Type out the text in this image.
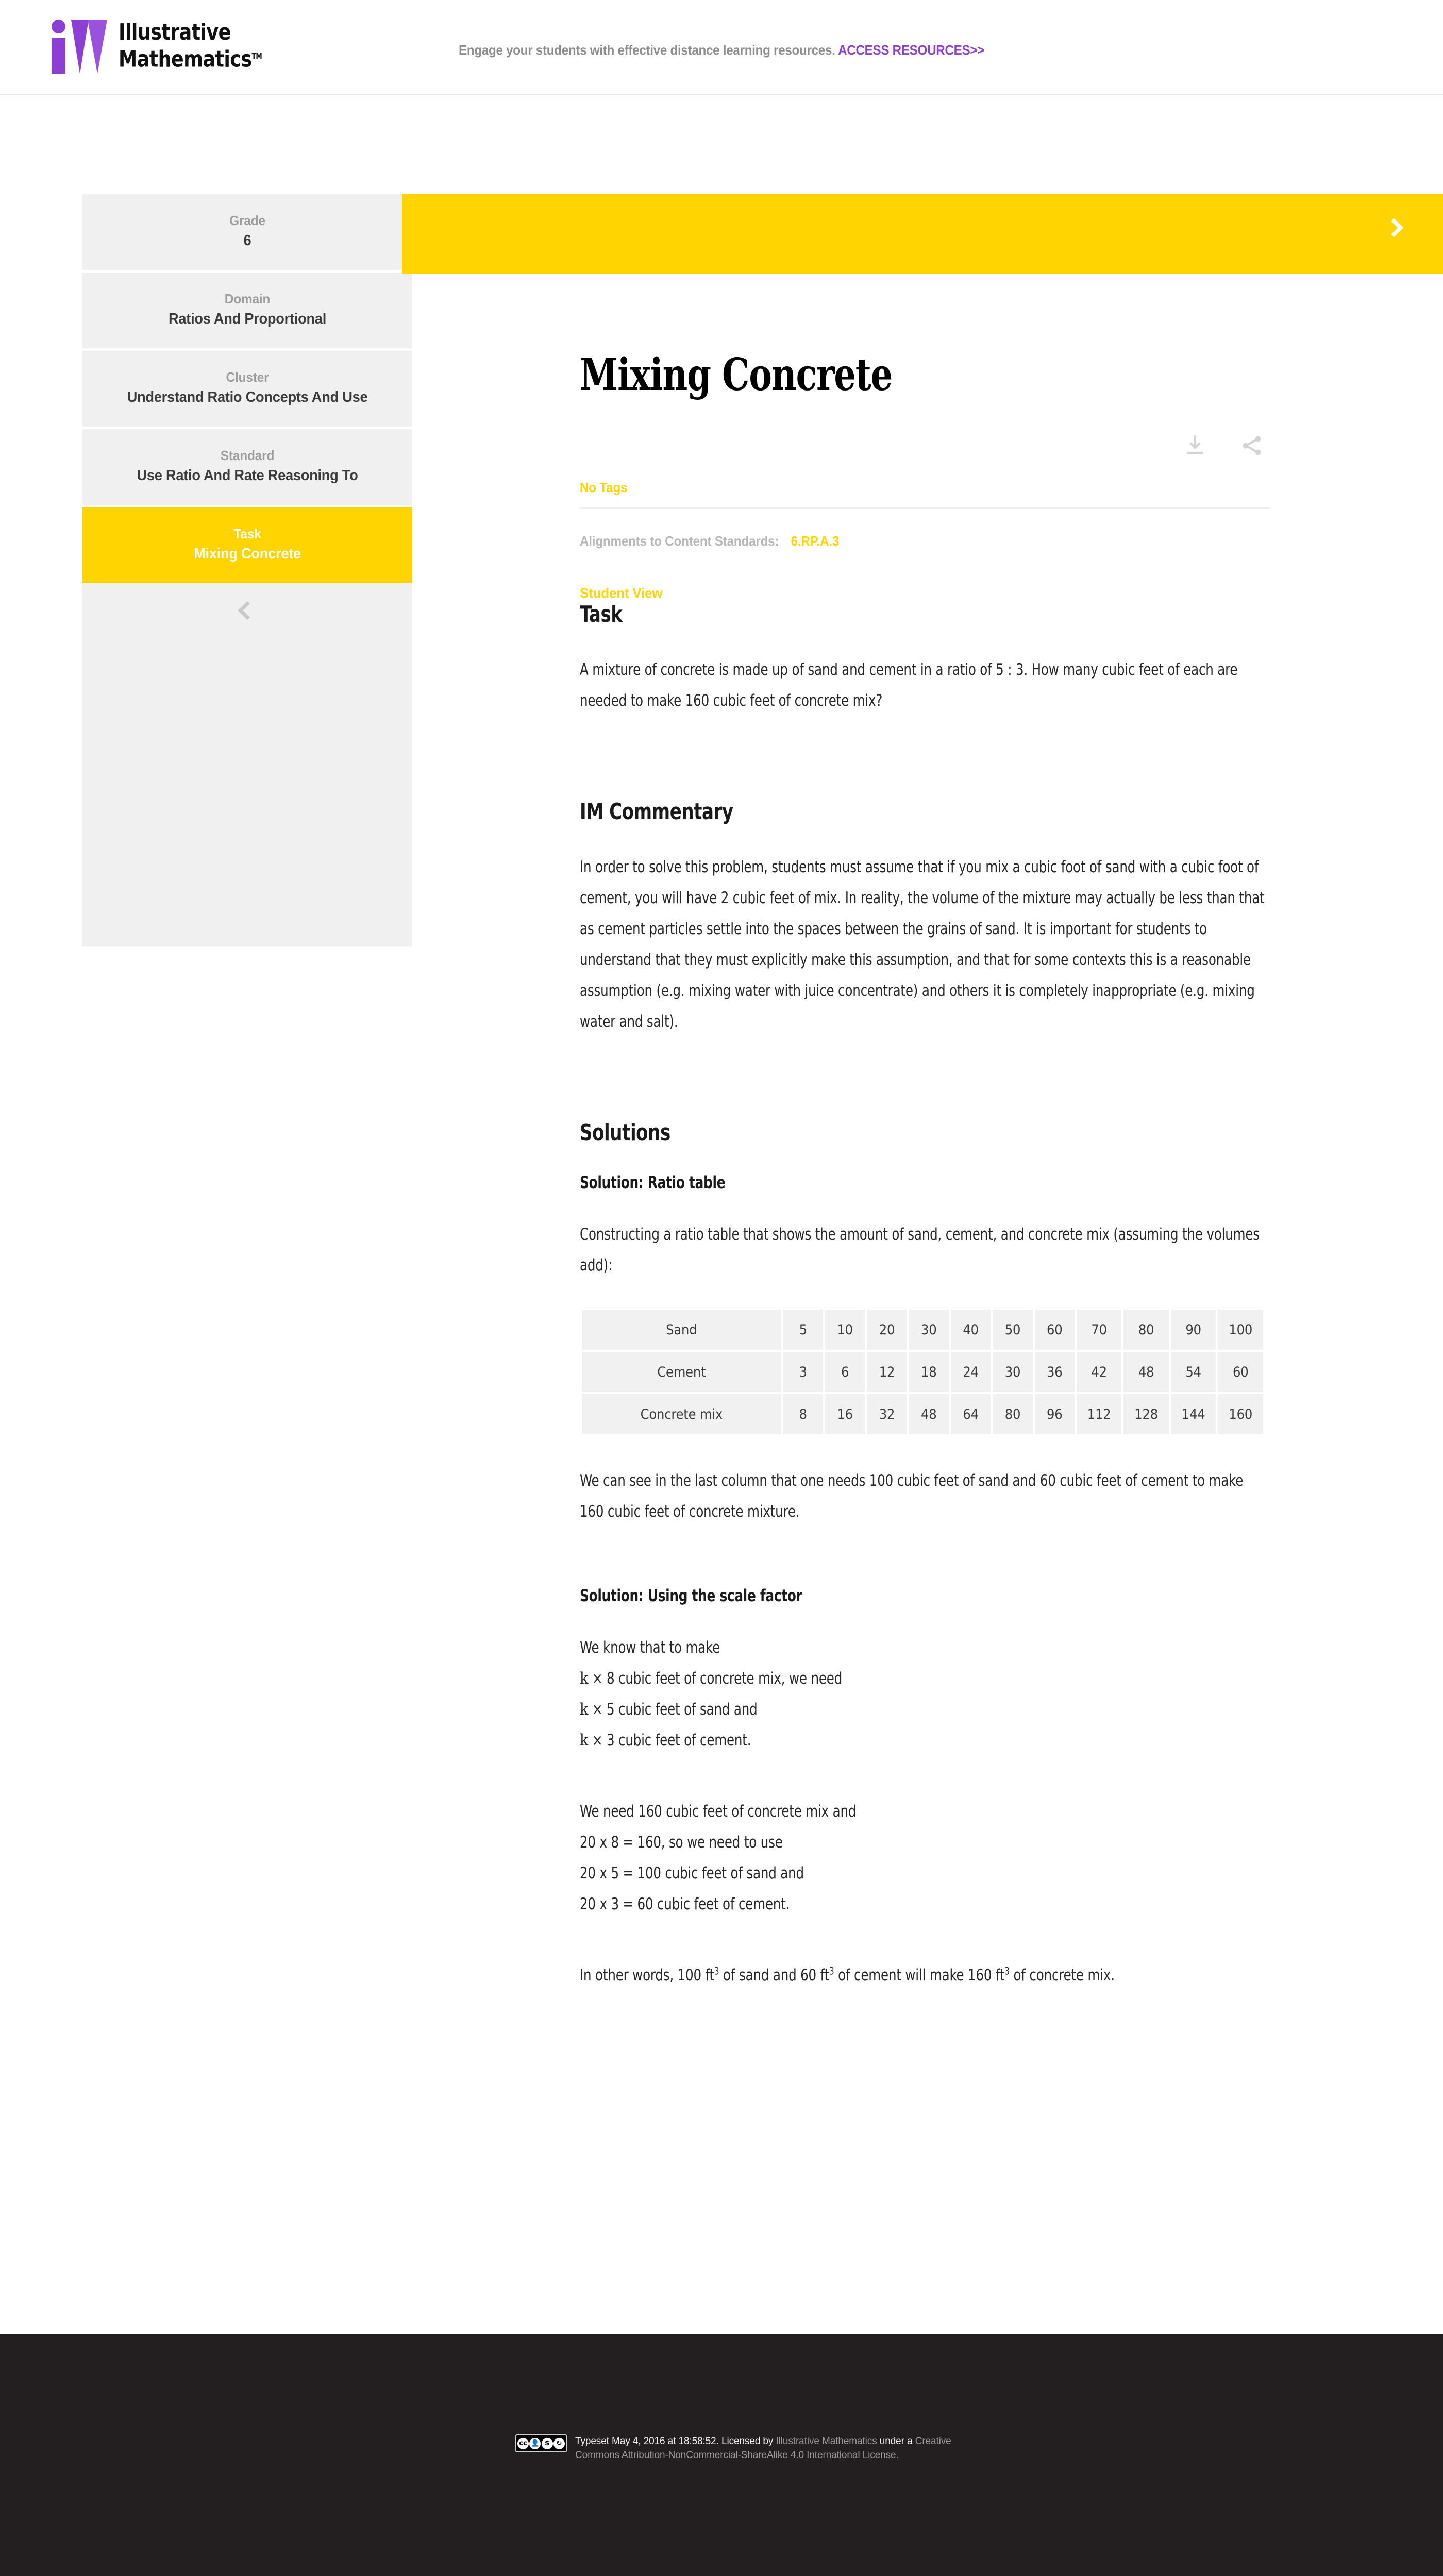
Illustrative
Mathematics™	Engage your students with effective distance learning resources. ACCESS RESOURCES>>
Grade
6
Domain
Ratios And Proportional
Cluster
Understand Ratio Concepts And Use
Standard
Use Ratio And Rate Reasoning To
Task
Mixing Concrete
Mixing Concrete
No Tags
Alignments to Content Standards: 6.RP.A.3
Student View
Task

A mixture of concrete is made up of sand and cement in a ratio of 5 : 3. How many cubic feet of each are needed to make 160 cubic feet of concrete mix?

IM Commentary

In order to solve this problem, students must assume that if you mix a cubic foot of sand with a cubic foot of cement, you will have 2 cubic feet of mix. In reality, the volume of the mixture may actually be less than that as cement particles settle into the spaces between the grains of sand. It is important for students to understand that they must explicitly make this assumption, and that for some contexts this is a reasonable assumption (e.g. mixing water with juice concentrate) and others it is completely inappropriate (e.g. mixing water and salt).

Solutions
Solution: Ratio table

Constructing a ratio table that shows the amount of sand, cement, and concrete mix (assuming the volumes add):

Sand	5	10	20	30	40	50	60	70	80	90	100
Cement	3	6	12	18	24	30	36	42	48	54	60
Concrete mix	8	16	32	48	64	80	96	112	128	144	160

We can see in the last column that one needs 100 cubic feet of sand and 60 cubic feet of cement to make 160 cubic feet of concrete mixture.

Solution: Using the scale factor

We know that to make

k × 8 cubic feet of concrete mix, we need

k × 5 cubic feet of sand and

k × 3 cubic feet of cement.

We need 160 cubic feet of concrete mix and

20 x 8 = 160, so we need to use

20 x 5 = 100 cubic feet of sand and

20 x 3 = 60 cubic feet of cement.

In other words, 100 $ft^3$ of sand and 60 $ft^3$ of cement will make 160 $ft^3$ of concrete mix.

cc 👤 $	↻ Typeset May 4, 2016 at 18:58:52. Licensed by Illustrative Mathematics under a Creative Commons Attribution-NonCommercial-ShareAlike 4.0 International License.
